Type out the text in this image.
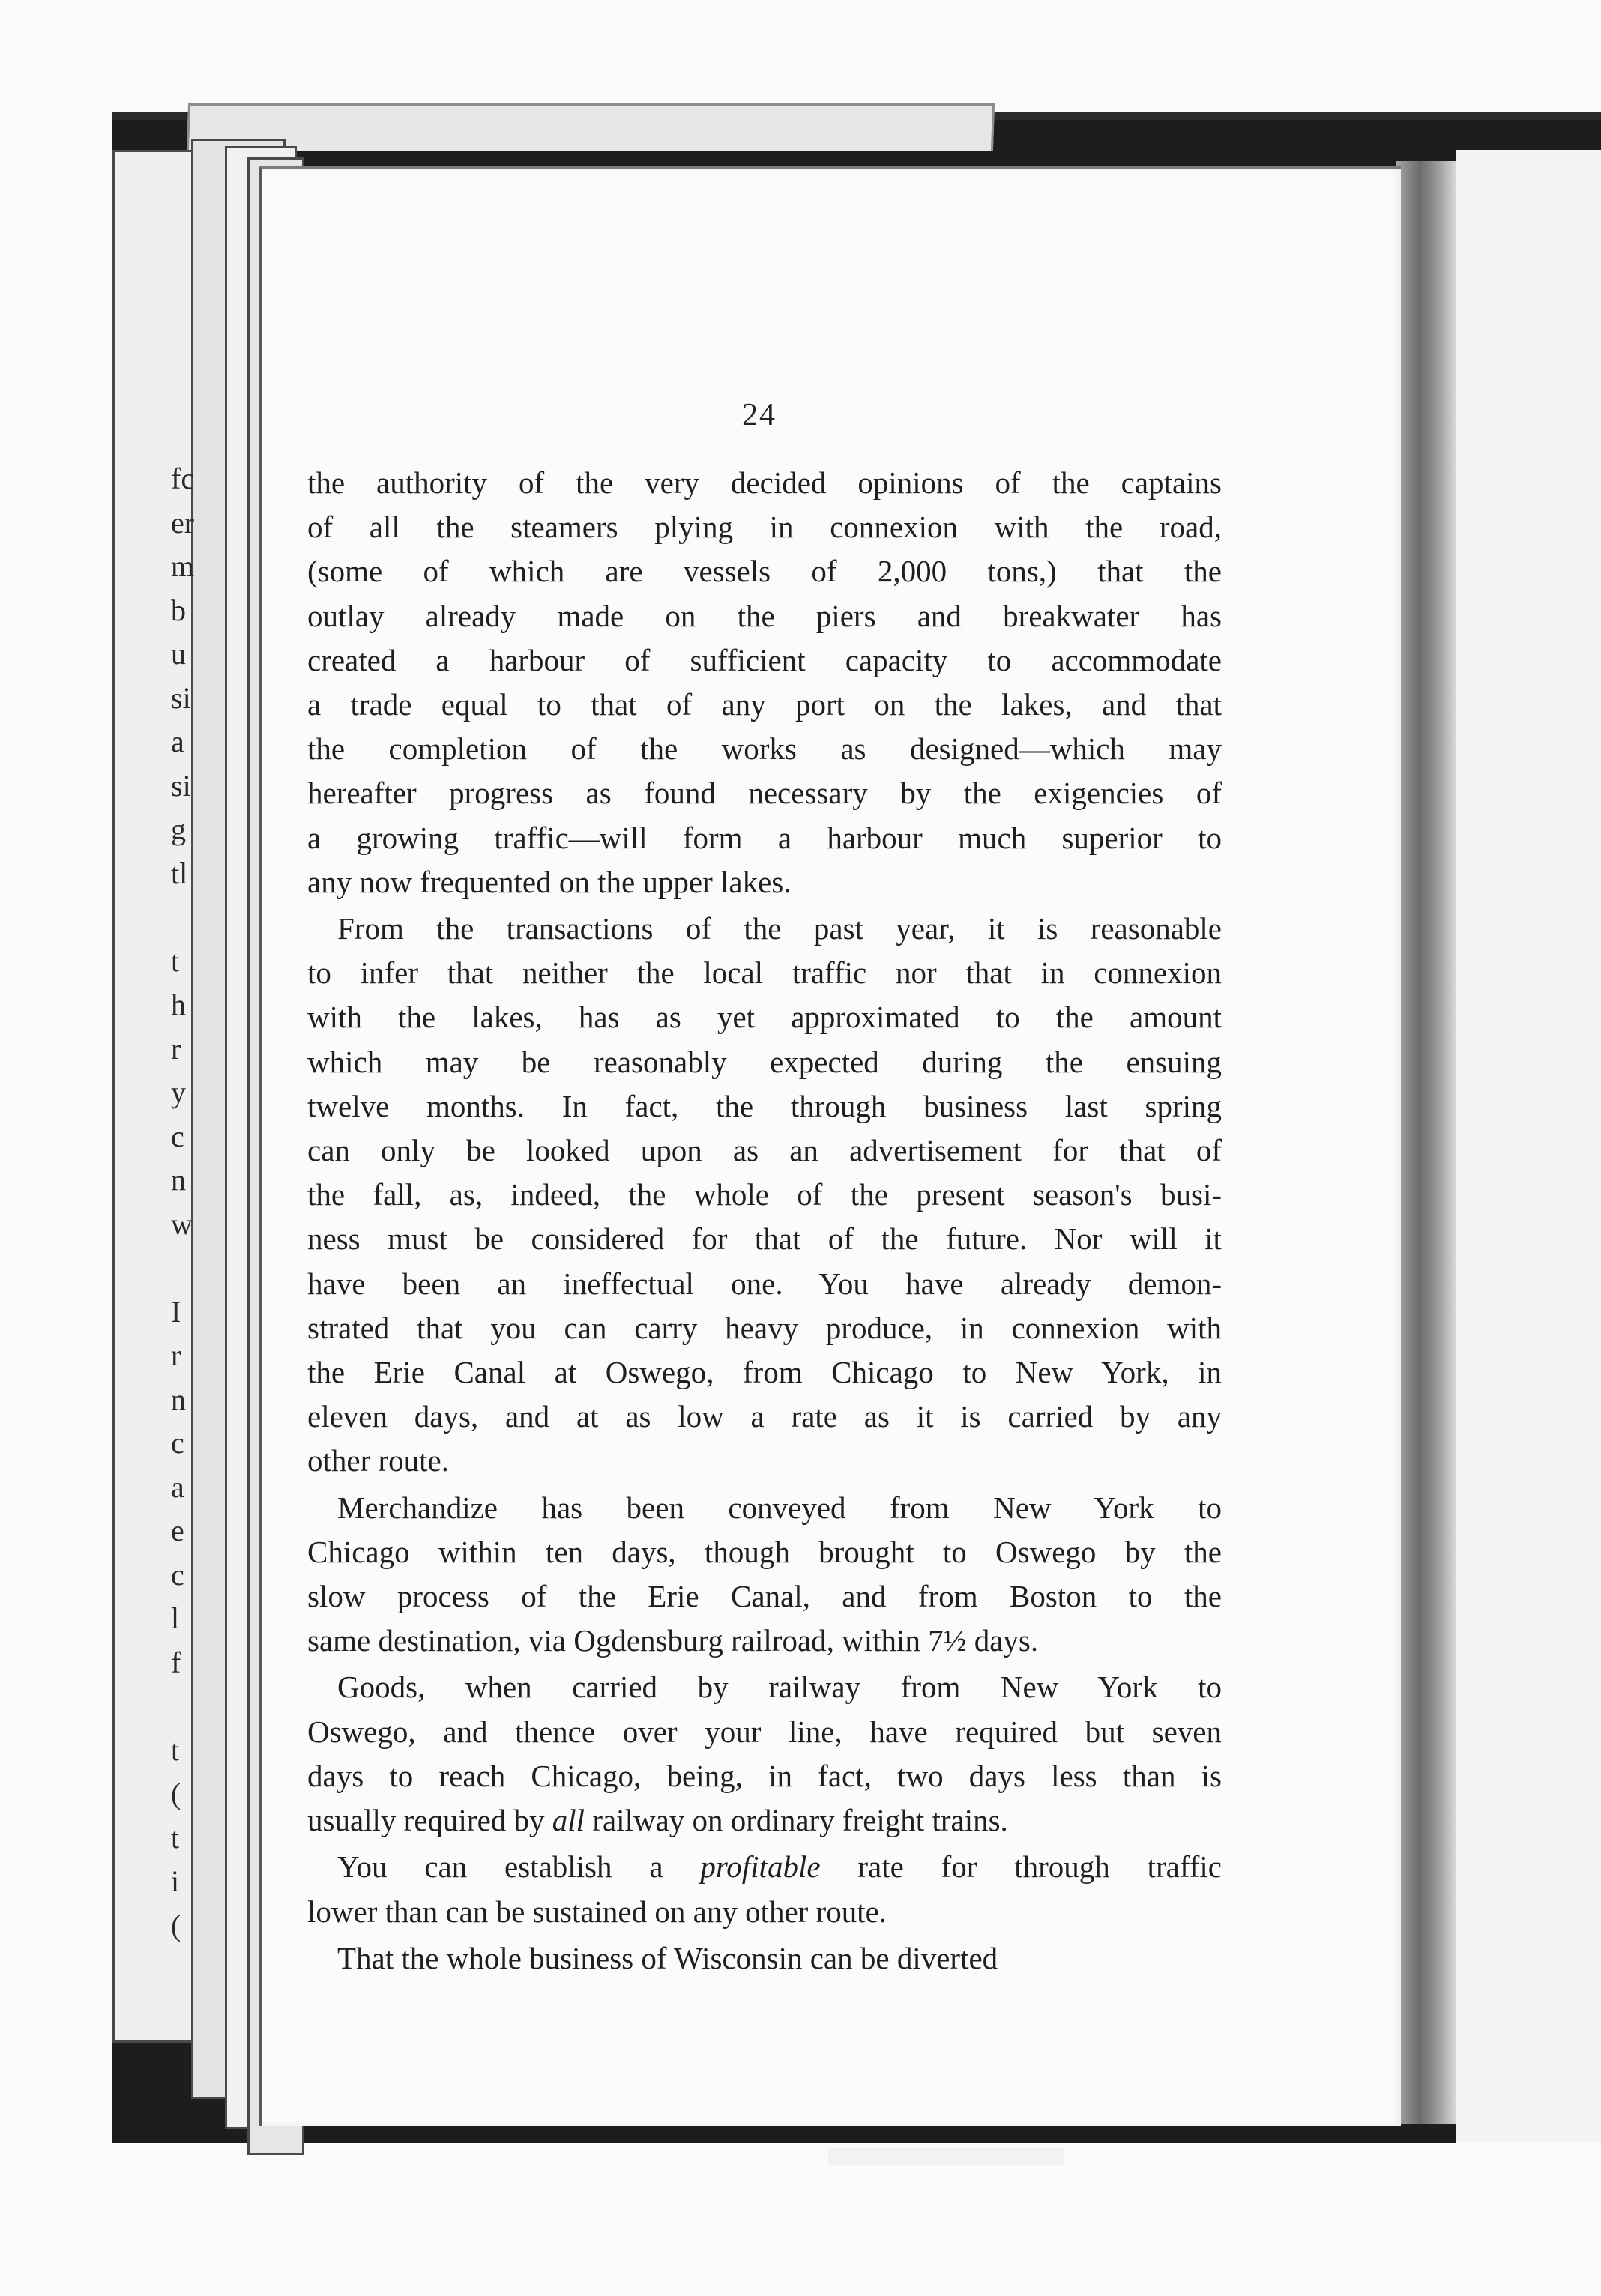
fc
er
m
b
u
si
a
si
g
tl
t
h
r
y
c
n
w
I
r
n
c
a
e
c
l
f
t
(
t
i
(
24
the authority of the very decided opinions of the captains
of all the steamers plying in connexion with the road,
(some of which are vessels of 2,000 tons,) that the
outlay already made on the piers and breakwater has
created a harbour of sufficient capacity to accommodate
a trade equal to that of any port on the lakes, and that
the completion of the works as designed—which may
hereafter progress as found necessary by the exigencies of
a growing traffic—will form a harbour much superior to
any now frequented on the upper lakes.
From the transactions of the past year, it is reasonable
to infer that neither the local traffic nor that in connexion
with the lakes, has as yet approximated to the amount
which may be reasonably expected during the ensuing
twelve months. In fact, the through business last spring
can only be looked upon as an advertisement for that of
the fall, as, indeed, the whole of the present season's busi-
ness must be considered for that of the future. Nor will it
have been an ineffectual one. You have already demon-
strated that you can carry heavy produce, in connexion with
the Erie Canal at Oswego, from Chicago to New York, in
eleven days, and at as low a rate as it is carried by any
other route.
Merchandize has been conveyed from New York to
Chicago within ten days, though brought to Oswego by the
slow process of the Erie Canal, and from Boston to the
same destination, via Ogdensburg railroad, within 7½ days.
Goods, when carried by railway from New York to
Oswego, and thence over your line, have required but seven
days to reach Chicago, being, in fact, two days less than is
usually required by all railway on ordinary freight trains.
You can establish a profitable rate for through traffic
lower than can be sustained on any other route.
That the whole business of Wisconsin can be diverted
